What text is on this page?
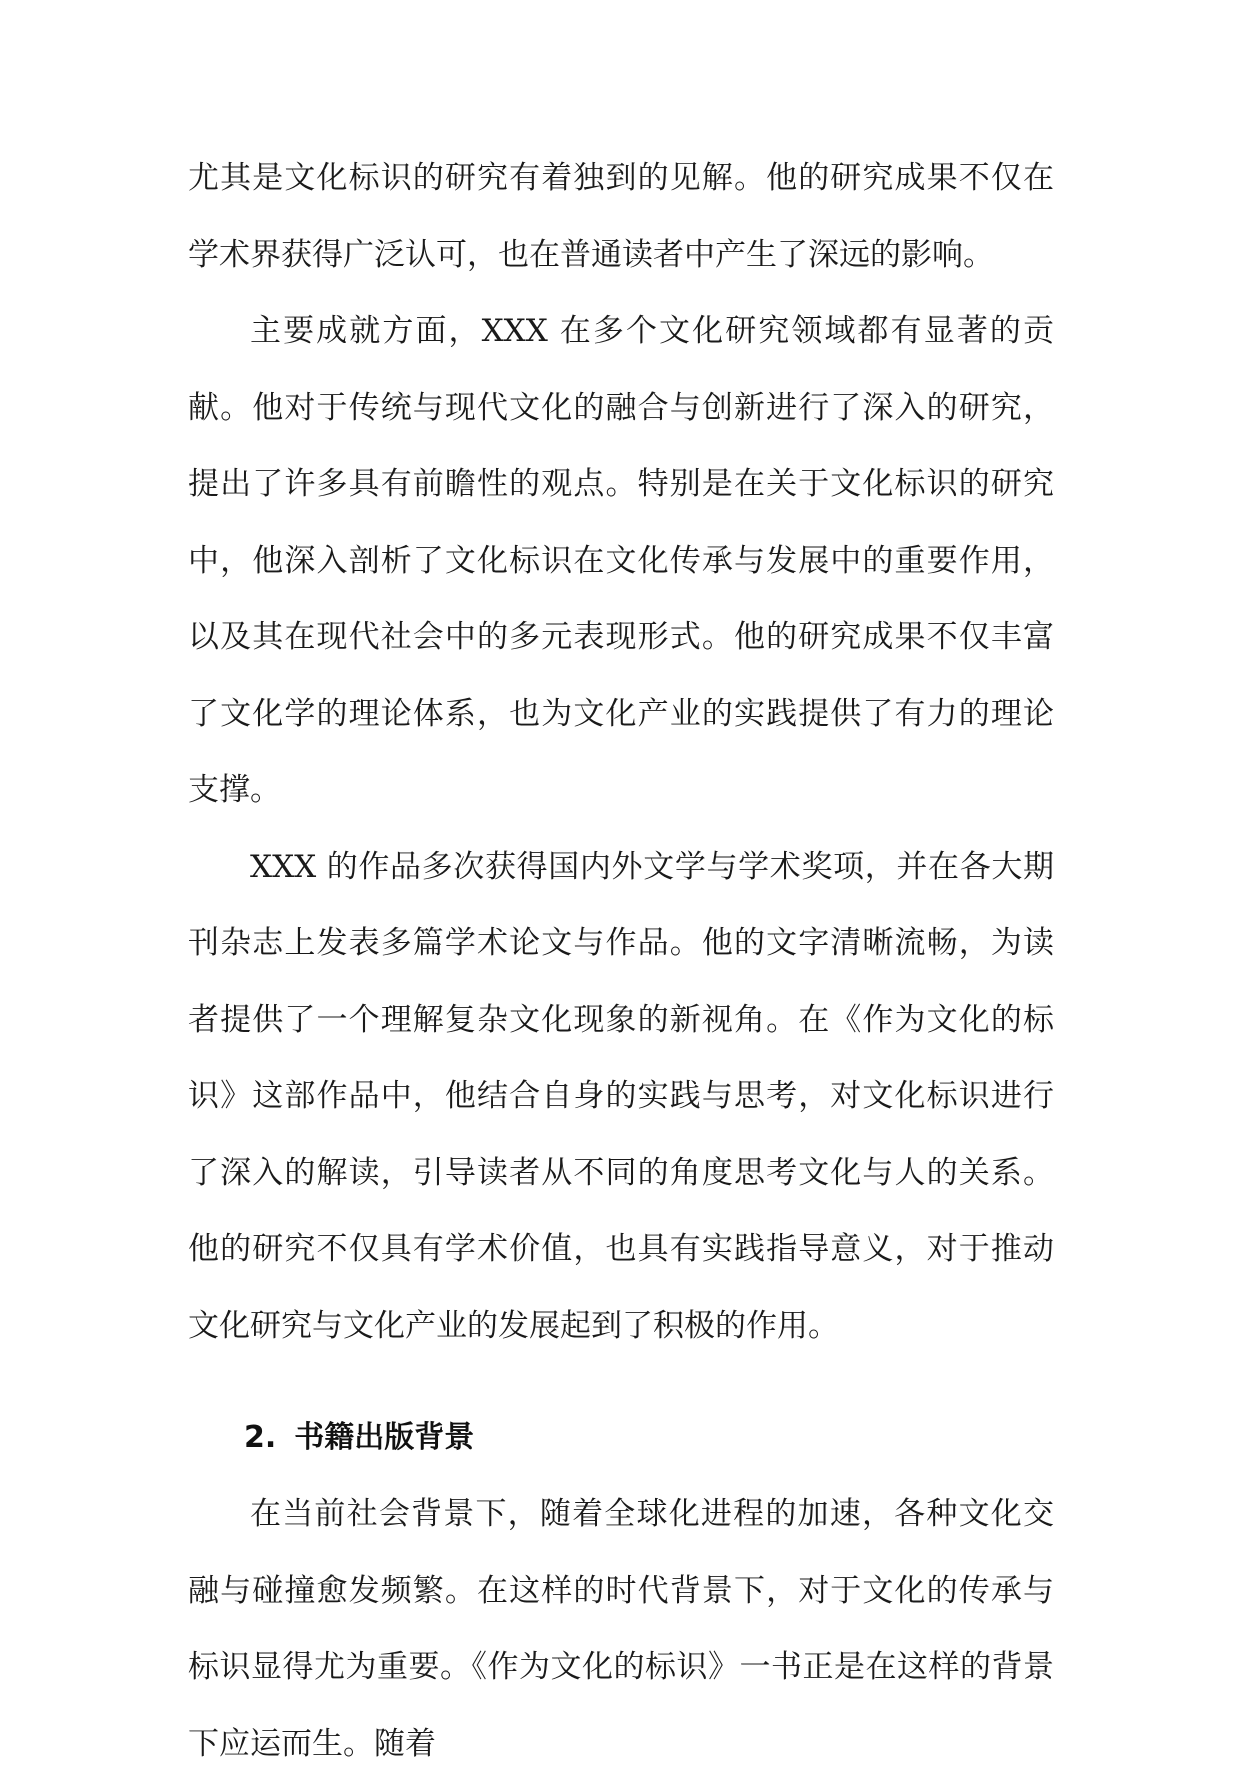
尤其是文化标识的研究有着独到的见解。他的研究成果不仅在学术界获得广泛认可，也在普通读者中产生了深远的影响。

主要成就方面，XXX 在多个文化研究领域都有显著的贡献。他对于传统与现代文化的融合与创新进行了深入的研究，提出了许多具有前瞻性的观点。特别是在关于文化标识的研究中，他深入剖析了文化标识在文化传承与发展中的重要作用，以及其在现代社会中的多元表现形式。他的研究成果不仅丰富了文化学的理论体系，也为文化产业的实践提供了有力的理论支撑。

XXX 的作品多次获得国内外文学与学术奖项，并在各大期刊杂志上发表多篇学术论文与作品。他的文字清晰流畅，为读者提供了一个理解复杂文化现象的新视角。在《作为文化的标识》这部作品中，他结合自身的实践与思考，对文化标识进行了深入的解读，引导读者从不同的角度思考文化与人的关系。他的研究不仅具有学术价值，也具有实践指导意义，对于推动文化研究与文化产业的发展起到了积极的作用。

2. 书籍出版背景

在当前社会背景下，随着全球化进程的加速，各种文化交融与碰撞愈发频繁。在这样的时代背景下，对于文化的传承与标识显得尤为重要。《作为文化的标识》一书正是在这样的背景下应运而生。随着
